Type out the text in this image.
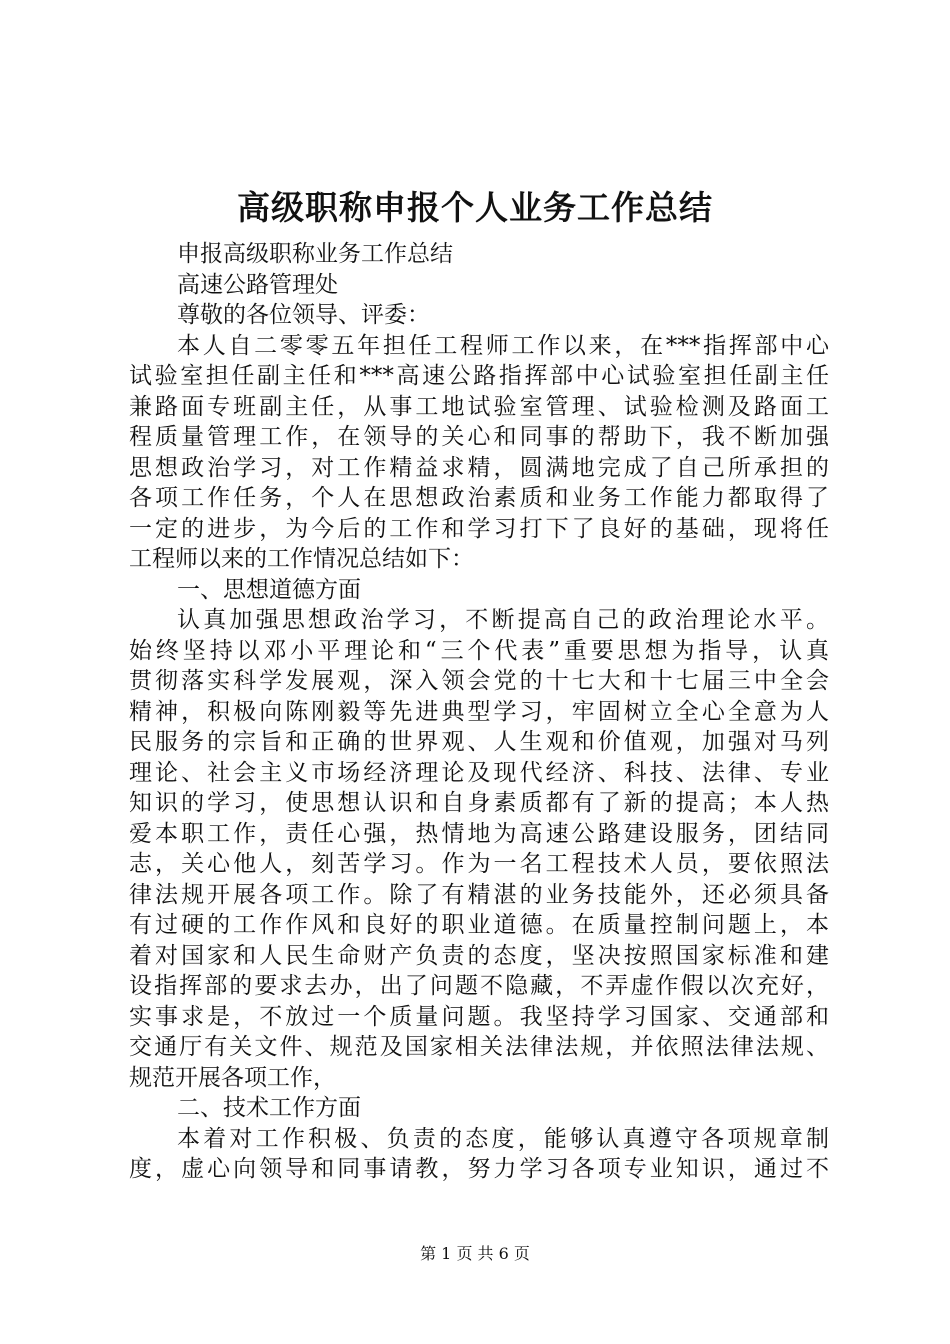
高级职称申报个人业务工作总结
申报高级职称业务工作总结
高速公路管理处
尊敬的各位领导、评委：
本人自二零零五年担任工程师工作以来，在***指挥部中心
试验室担任副主任和***高速公路指挥部中心试验室担任副主任
兼路面专班副主任，从事工地试验室管理、试验检测及路面工
程质量管理工作，在领导的关心和同事的帮助下，我不断加强
思想政治学习，对工作精益求精，圆满地完成了自己所承担的
各项工作任务，个人在思想政治素质和业务工作能力都取得了
一定的进步，为今后的工作和学习打下了良好的基础，现将任
工程师以来的工作情况总结如下：
一、思想道德方面
认真加强思想政治学习，不断提高自己的政治理论水平。
始终坚持以邓小平理论和“三个代表”重要思想为指导，认真
贯彻落实科学发展观，深入领会党的十七大和十七届三中全会
精神，积极向陈刚毅等先进典型学习，牢固树立全心全意为人
民服务的宗旨和正确的世界观、人生观和价值观，加强对马列
理论、社会主义市场经济理论及现代经济、科技、法律、专业
知识的学习，使思想认识和自身素质都有了新的提高；本人热
爱本职工作，责任心强，热情地为高速公路建设服务，团结同
志，关心他人，刻苦学习。作为一名工程技术人员，要依照法
律法规开展各项工作。除了有精湛的业务技能外，还必须具备
有过硬的工作作风和良好的职业道德。在质量控制问题上，本
着对国家和人民生命财产负责的态度，坚决按照国家标准和建
设指挥部的要求去办，出了问题不隐藏，不弄虚作假以次充好，
实事求是，不放过一个质量问题。我坚持学习国家、交通部和
交通厅有关文件、规范及国家相关法律法规，并依照法律法规、
规范开展各项工作，
二、技术工作方面
本着对工作积极、负责的态度，能够认真遵守各项规章制
度，虚心向领导和同事请教，努力学习各项专业知识，通过不
第 1 页 共 6 页
